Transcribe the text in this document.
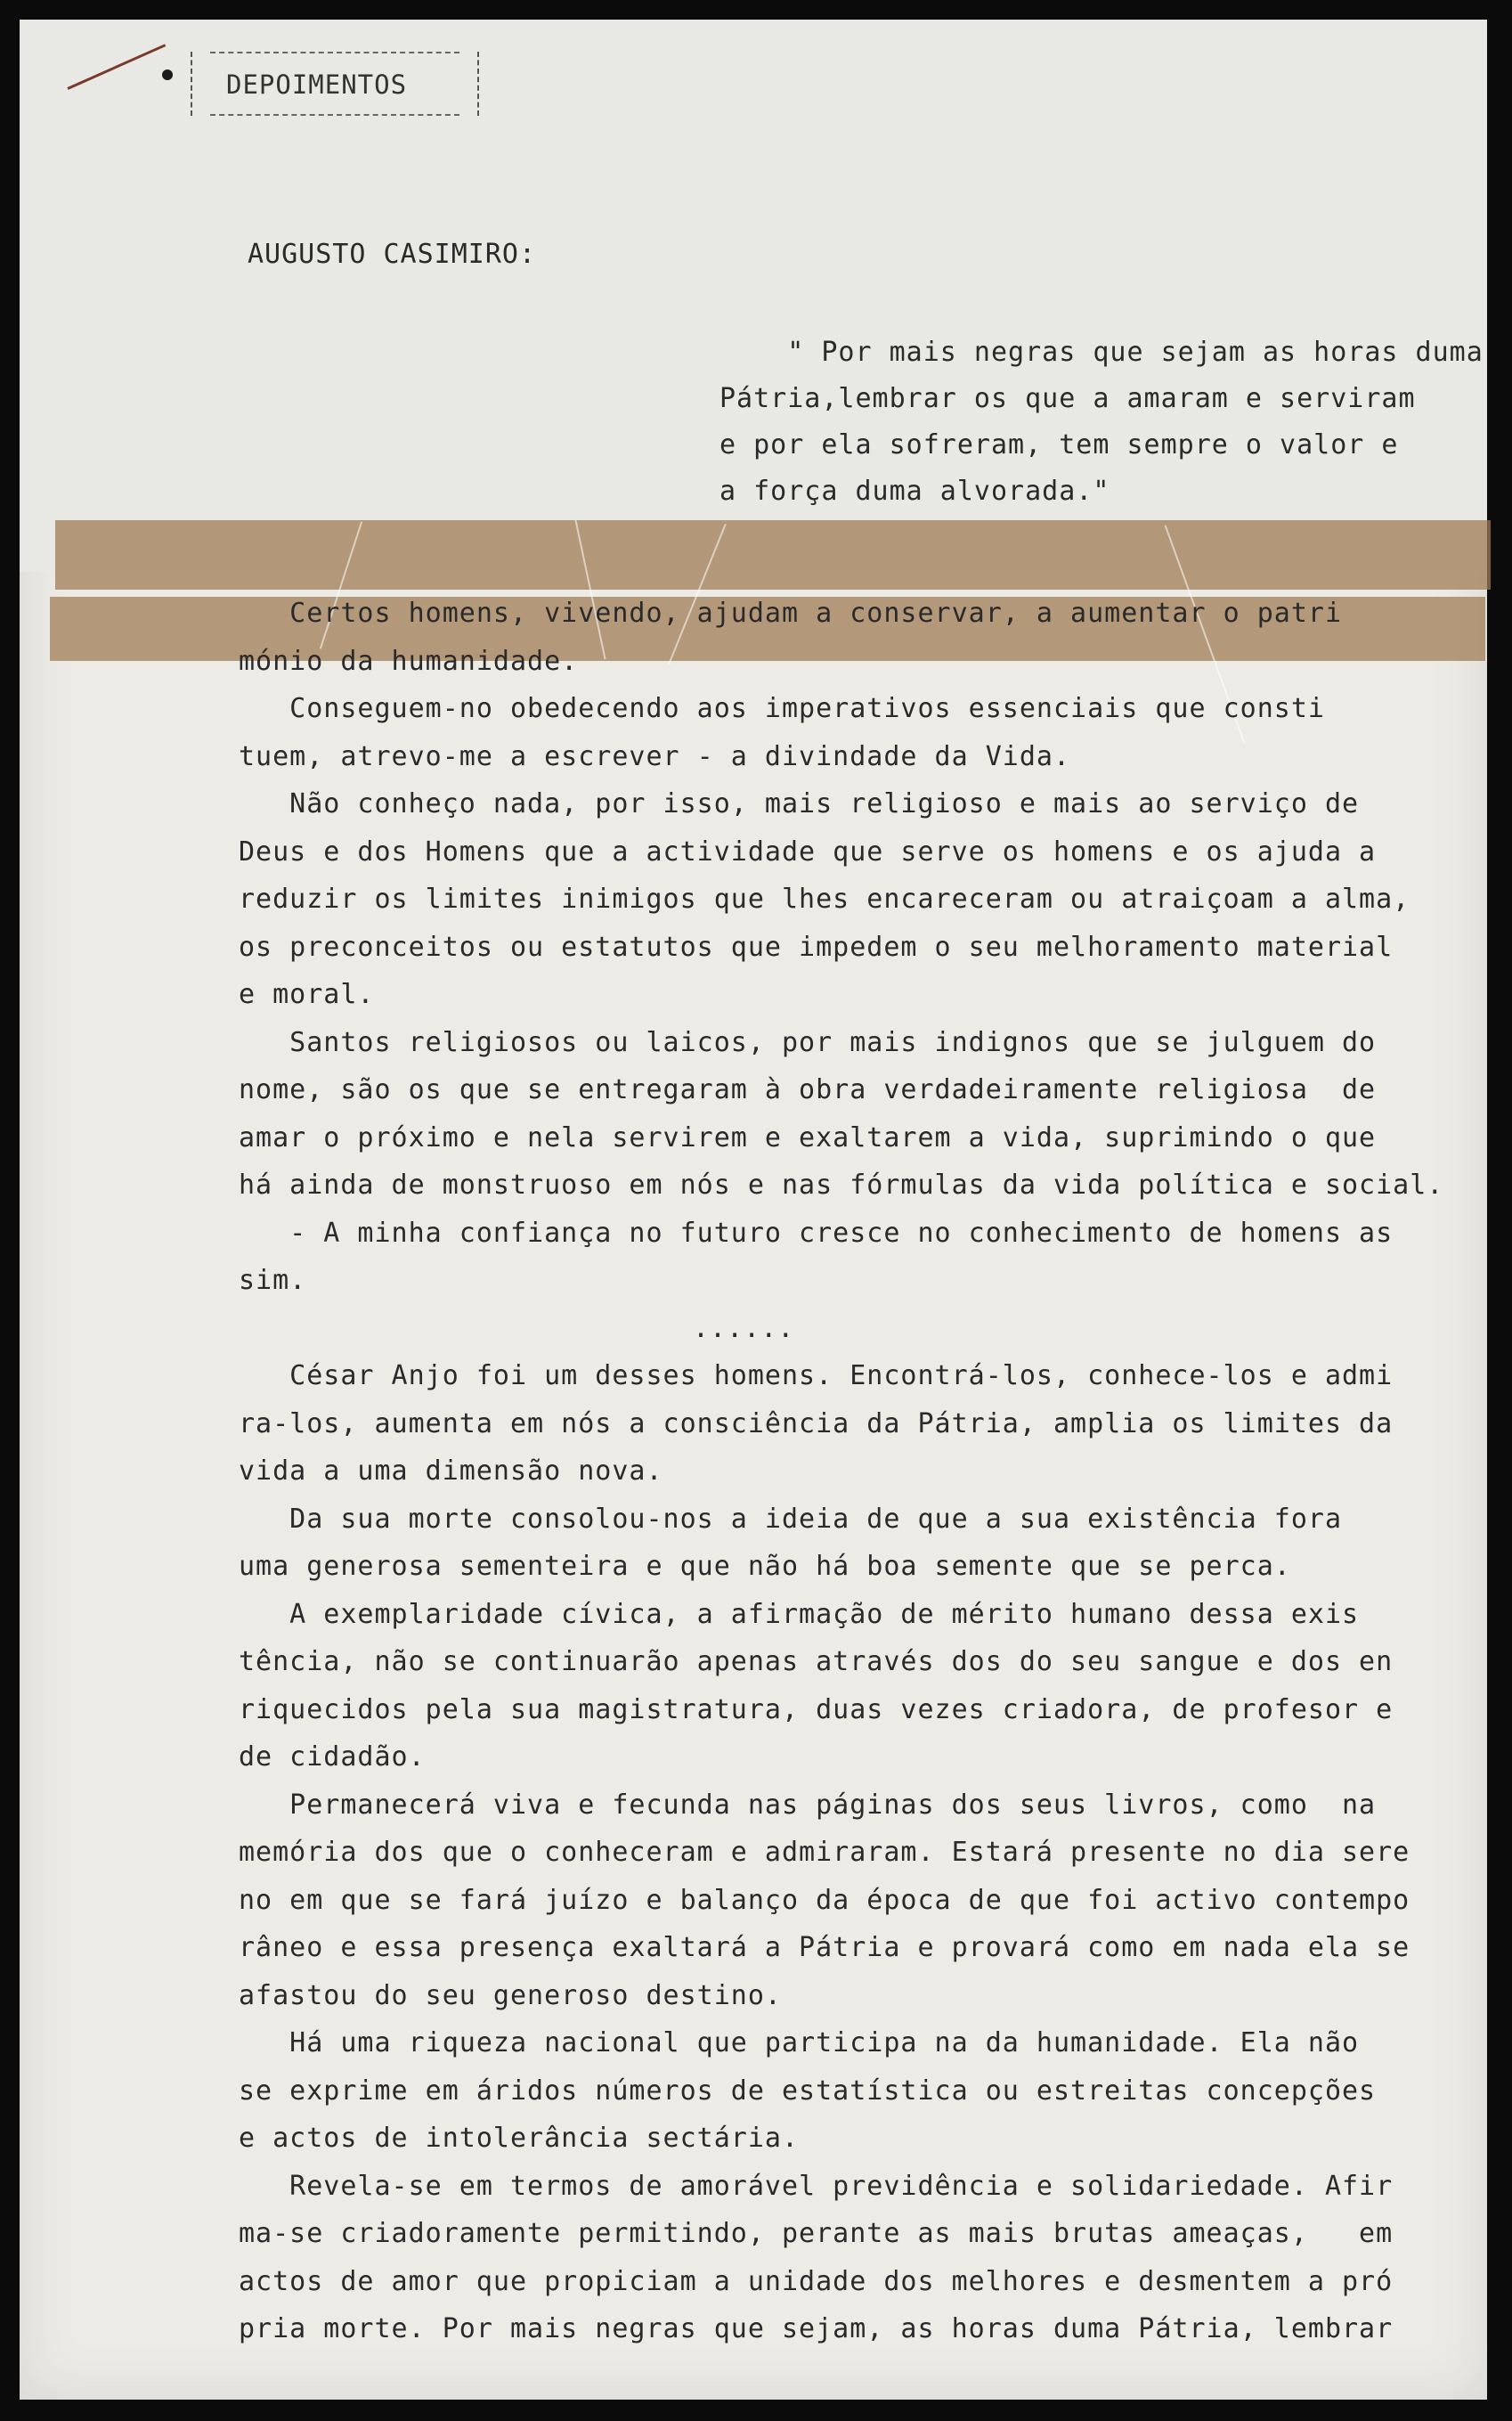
DEPOIMENTOS
AUGUSTO CASIMIRO:

" Por mais negras que sejam as horas duma
Pátria,lembrar os que a amaram e serviram
e por ela sofreram, tem sempre o valor e
a força duma alvorada."

Certos homens, vivendo, ajudam a conservar, a aumentar o patri
mónio da humanidade.
Conseguem-no obedecendo aos imperativos essenciais que consti
tuem, atrevo-me a escrever - a divindade da Vida.
Não conheço nada, por isso, mais religioso e mais ao serviço de
Deus e dos Homens que a actividade que serve os homens e os ajuda a
reduzir os limites inimigos que lhes encareceram ou atraiçoam a alma,
os preconceitos ou estatutos que impedem o seu melhoramento material
e moral.
Santos religiosos ou laicos, por mais indignos que se julguem do
nome, são os que se entregaram à obra verdadeiramente religiosa  de
amar o próximo e nela servirem e exaltarem a vida, suprimindo o que
há ainda de monstruoso em nós e nas fórmulas da vida política e social.
- A minha confiança no futuro cresce no conhecimento de homens as
sim.
......
César Anjo foi um desses homens. Encontrá-los, conhece-los e admi
ra-los, aumenta em nós a consciência da Pátria, amplia os limites da
vida a uma dimensão nova.
Da sua morte consolou-nos a ideia de que a sua existência fora
uma generosa sementeira e que não há boa semente que se perca.
A exemplaridade cívica, a afirmação de mérito humano dessa exis
tência, não se continuarão apenas através dos do seu sangue e dos en
riquecidos pela sua magistratura, duas vezes criadora, de profesor e
de cidadão.
Permanecerá viva e fecunda nas páginas dos seus livros, como  na
memória dos que o conheceram e admiraram. Estará presente no dia sere
no em que se fará juízo e balanço da época de que foi activo contempo
râneo e essa presença exaltará a Pátria e provará como em nada ela se
afastou do seu generoso destino.
Há uma riqueza nacional que participa na da humanidade. Ela não
se exprime em áridos números de estatística ou estreitas concepções
e actos de intolerância sectária.
Revela-se em termos de amorável previdência e solidariedade. Afir
ma-se criadoramente permitindo, perante as mais brutas ameaças,   em
actos de amor que propiciam a unidade dos melhores e desmentem a pró
pria morte. Por mais negras que sejam, as horas duma Pátria, lembrar
